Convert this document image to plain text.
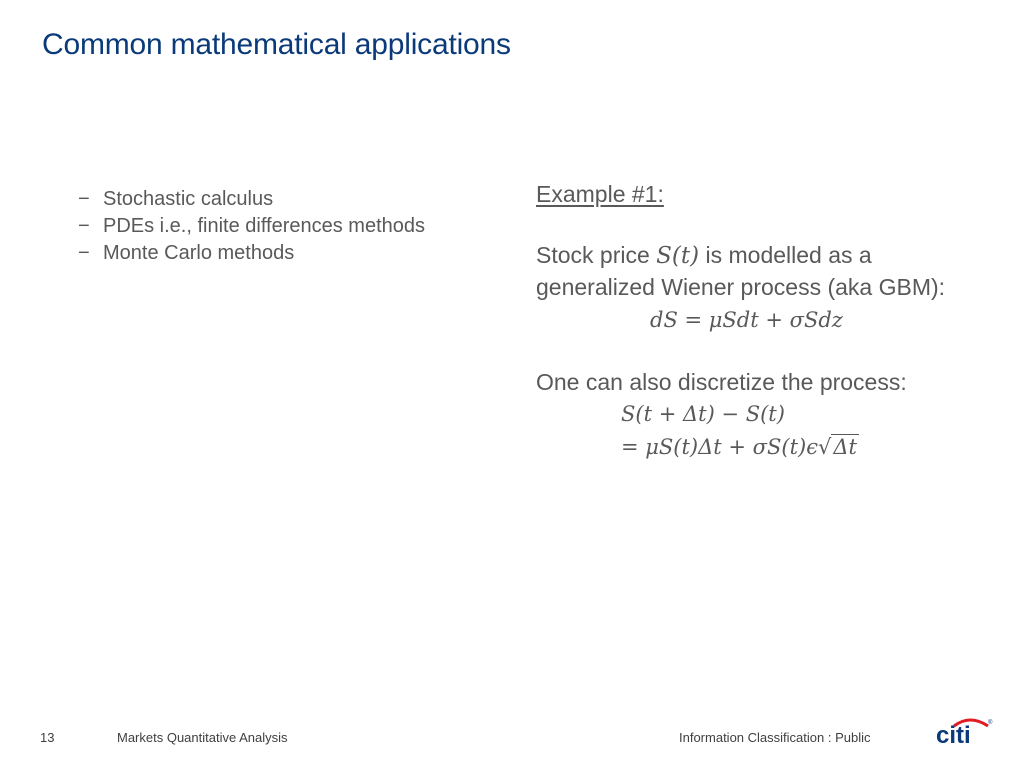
Common mathematical applications
− Stochastic calculus
− PDEs i.e., finite differences methods
− Monte Carlo methods
Example #1:
Stock price S(t) is modelled as a generalized Wiener process (aka GBM):
dS = μSdt + σSdz
One can also discretize the process:
S(t + Δt) − S(t)
= μS(t)Δt + σS(t)ϵ√Δt
13	Markets Quantitative Analysis	Information Classification : Public	citi	®
